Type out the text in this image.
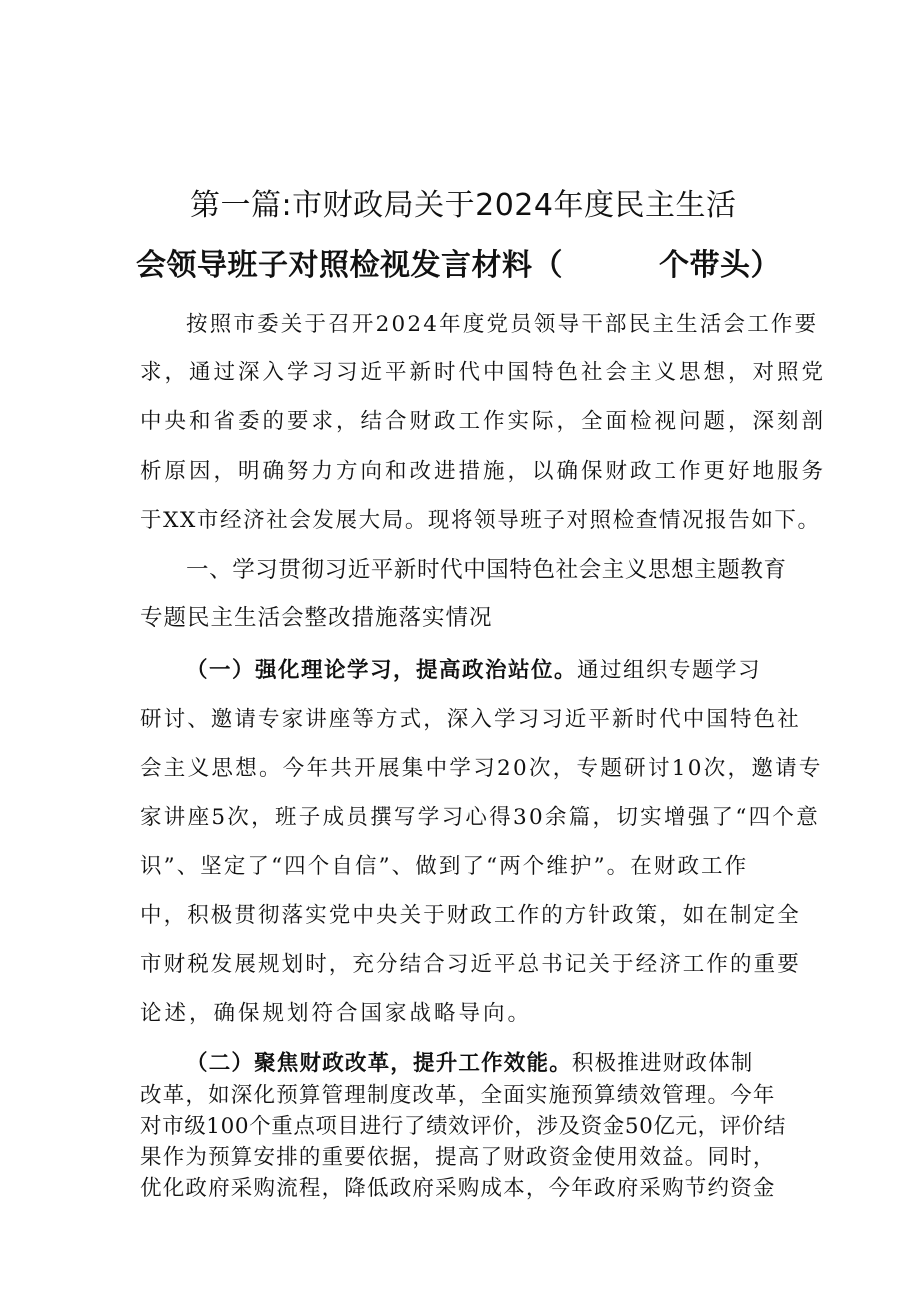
第一篇:市财政局关于2024年度民主生活
会领导班子对照检视发言材料（	个带头）
按照市委关于召开2024年度党员领导干部民主生活会工作要
求，通过深入学习习近平新时代中国特色社会主义思想，对照党
中央和省委的要求，结合财政工作实际，全面检视问题，深刻剖
析原因，明确努力方向和改进措施，以确保财政工作更好地服务
于XX市经济社会发展大局。现将领导班子对照检查情况报告如下。
一、学习贯彻习近平新时代中国特色社会主义思想主题教育
专题民主生活会整改措施落实情况
（一）强化理论学习，提高政治站位。通过组织专题学习
研讨、邀请专家讲座等方式，深入学习习近平新时代中国特色社
会主义思想。今年共开展集中学习20次，专题研讨10次，邀请专
家讲座5次，班子成员撰写学习心得30余篇，切实增强了“四个意
识”、坚定了“四个自信”、做到了“两个维护”。在财政工作
中，积极贯彻落实党中央关于财政工作的方针政策，如在制定全
市财税发展规划时，充分结合习近平总书记关于经济工作的重要
论述，确保规划符合国家战略导向。
（二）聚焦财政改革，提升工作效能。积极推进财政体制
改革，如深化预算管理制度改革，全面实施预算绩效管理。今年
对市级100个重点项目进行了绩效评价，涉及资金50亿元，评价结
果作为预算安排的重要依据，提高了财政资金使用效益。同时，
优化政府采购流程，降低政府采购成本，今年政府采购节约资金
